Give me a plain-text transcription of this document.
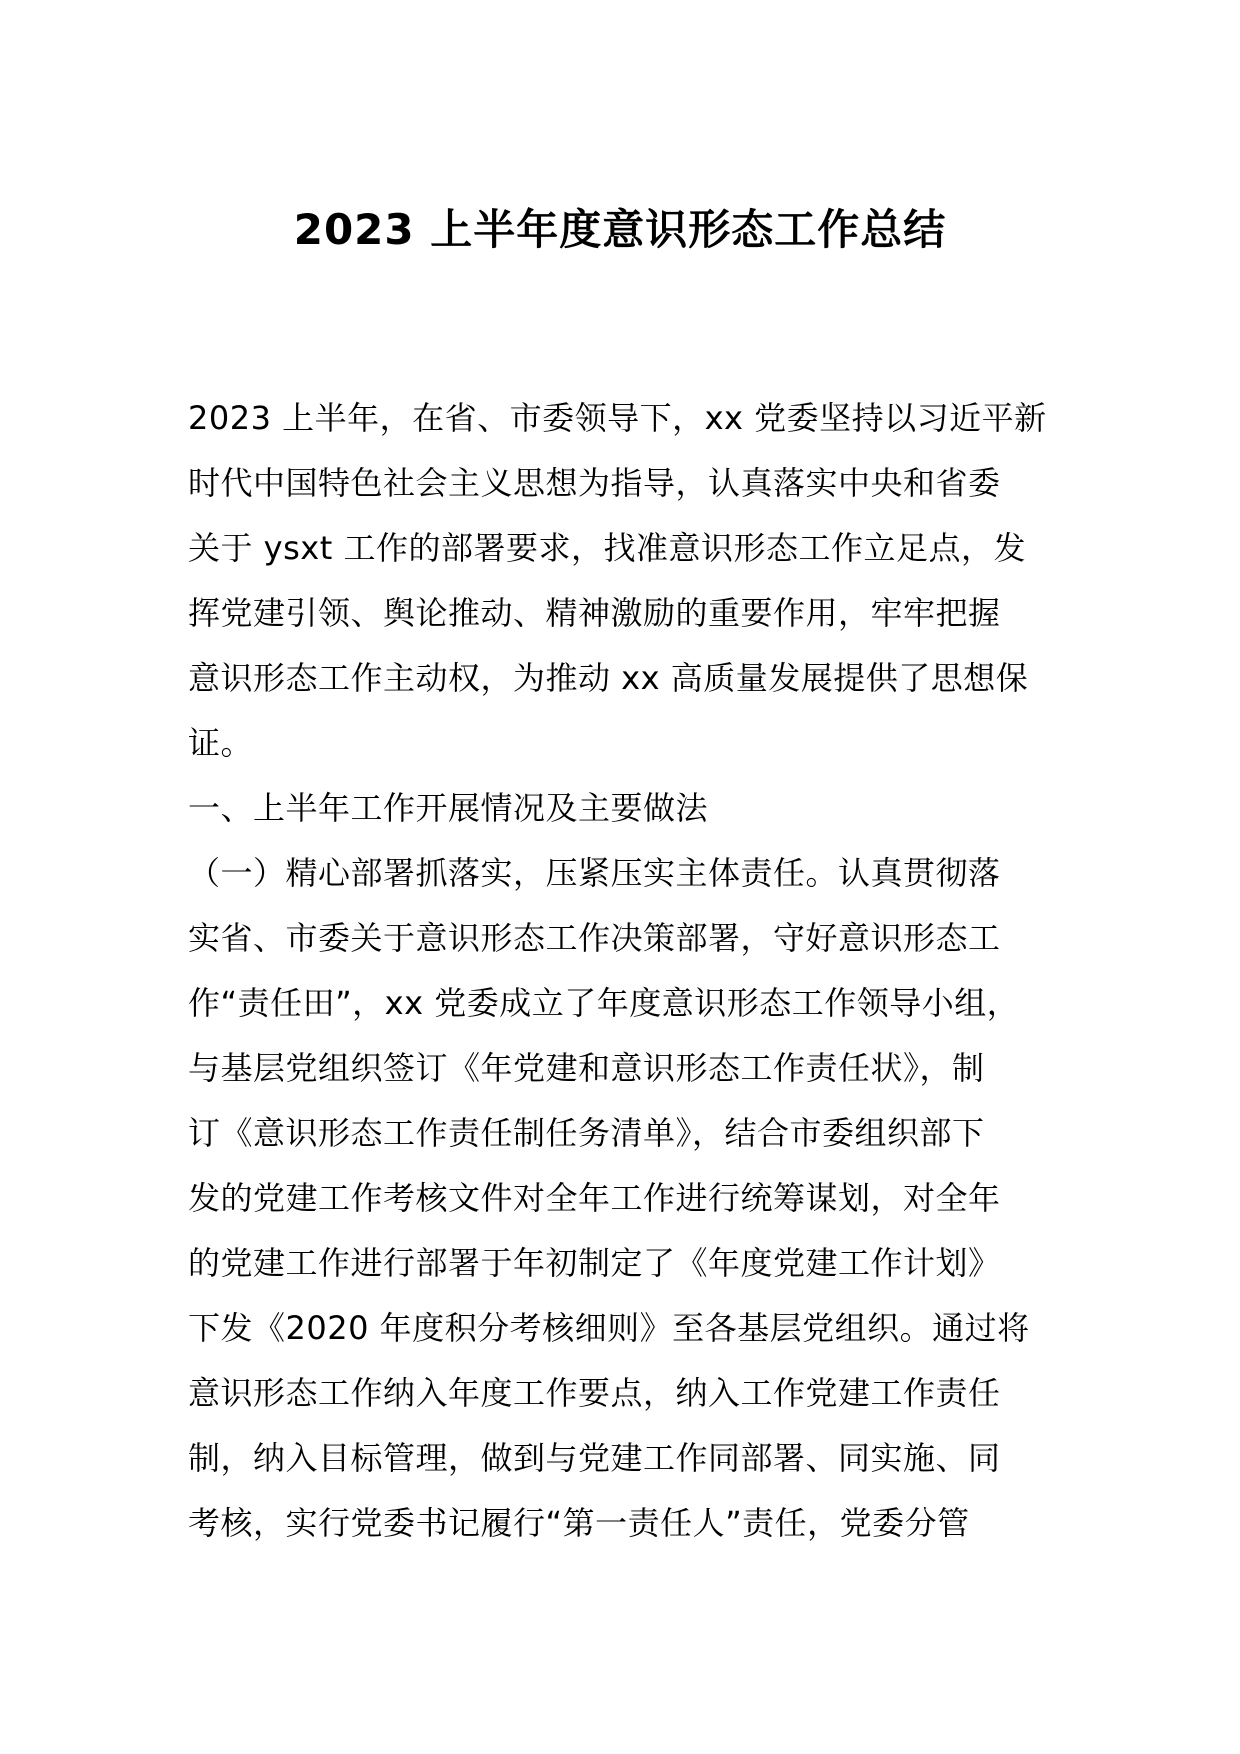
2023 上半年度意识形态工作总结
2023 上半年，在省、市委领导下，xx 党委坚持以习近平新
时代中国特色社会主义思想为指导，认真落实中央和省委
关于 ysxt 工作的部署要求，找准意识形态工作立足点，发
挥党建引领、舆论推动、精神激励的重要作用，牢牢把握
意识形态工作主动权，为推动 xx 高质量发展提供了思想保
证。
一、上半年工作开展情况及主要做法
（一）精心部署抓落实，压紧压实主体责任。认真贯彻落
实省、市委关于意识形态工作决策部署，守好意识形态工
作“责任田”，xx 党委成立了年度意识形态工作领导小组，
与基层党组织签订《年党建和意识形态工作责任状》，制
订《意识形态工作责任制任务清单》，结合市委组织部下
发的党建工作考核文件对全年工作进行统筹谋划，对全年
的党建工作进行部署于年初制定了《年度党建工作计划》
下发《2020 年度积分考核细则》至各基层党组织。通过将
意识形态工作纳入年度工作要点，纳入工作党建工作责任
制，纳入目标管理，做到与党建工作同部署、同实施、同
考核，实行党委书记履行“第一责任人”责任，党委分管
